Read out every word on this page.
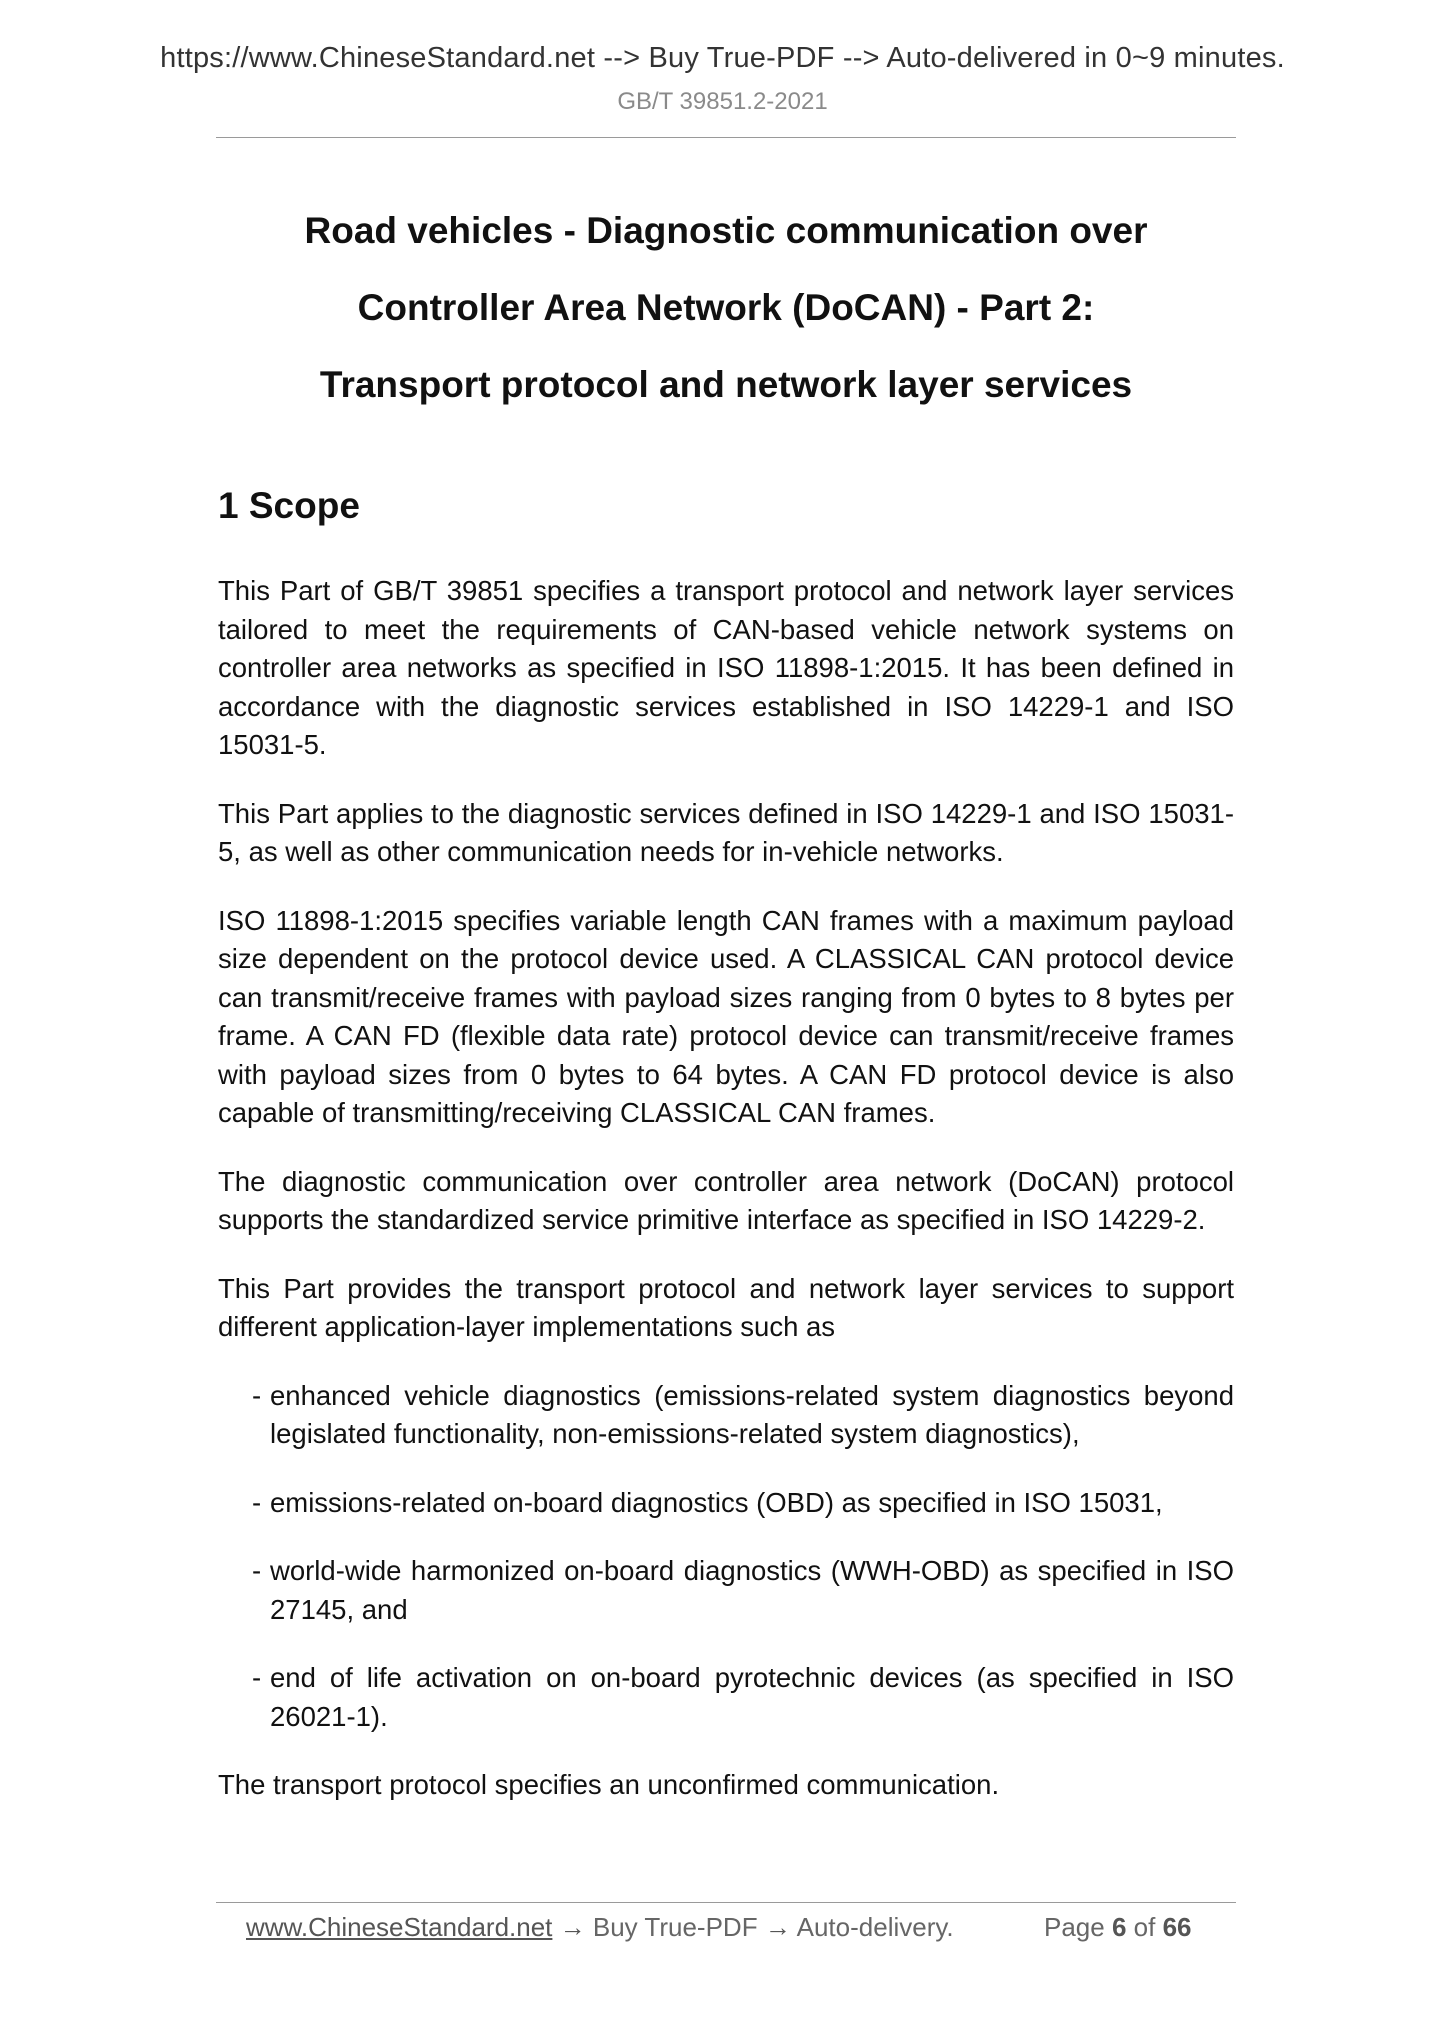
https://www.ChineseStandard.net --> Buy True-PDF --> Auto-delivered in 0~9 minutes.
GB/T 39851.2-2021
Road vehicles - Diagnostic communication over
Controller Area Network (DoCAN) - Part 2:
Transport protocol and network layer services
1 Scope

This Part of GB/T 39851 specifies a transport protocol and network layer services tailored to meet the requirements of CAN-based vehicle network systems on controller area networks as specified in ISO 11898-1:2015. It has been defined in accordance with the diagnostic services established in ISO 14229-1 and ISO 15031-5.

This Part applies to the diagnostic services defined in ISO 14229-1 and ISO 15031-5, as well as other communication needs for in-vehicle networks.

ISO 11898-1:2015 specifies variable length CAN frames with a maximum payload size dependent on the protocol device used. A CLASSICAL CAN protocol device can transmit/receive frames with payload sizes ranging from 0 bytes to 8 bytes per frame. A CAN FD (flexible data rate) protocol device can transmit/receive frames with payload sizes from 0 bytes to 64 bytes. A CAN FD protocol device is also capable of transmitting/receiving CLASSICAL CAN frames.

The diagnostic communication over controller area network (DoCAN) protocol supports the standardized service primitive interface as specified in ISO 14229-2.

This Part provides the transport protocol and network layer services to support different application-layer implementations such as

- enhanced vehicle diagnostics (emissions-related system diagnostics beyond legislated functionality, non-emissions-related system diagnostics),
- emissions-related on-board diagnostics (OBD) as specified in ISO 15031,
- world-wide harmonized on-board diagnostics (WWH-OBD) as specified in ISO 27145, and
- end of life activation on on-board pyrotechnic devices (as specified in ISO 26021-1).

The transport protocol specifies an unconfirmed communication.

www.ChineseStandard.net → Buy True-PDF → Auto-delivery.	Page 6 of 66
